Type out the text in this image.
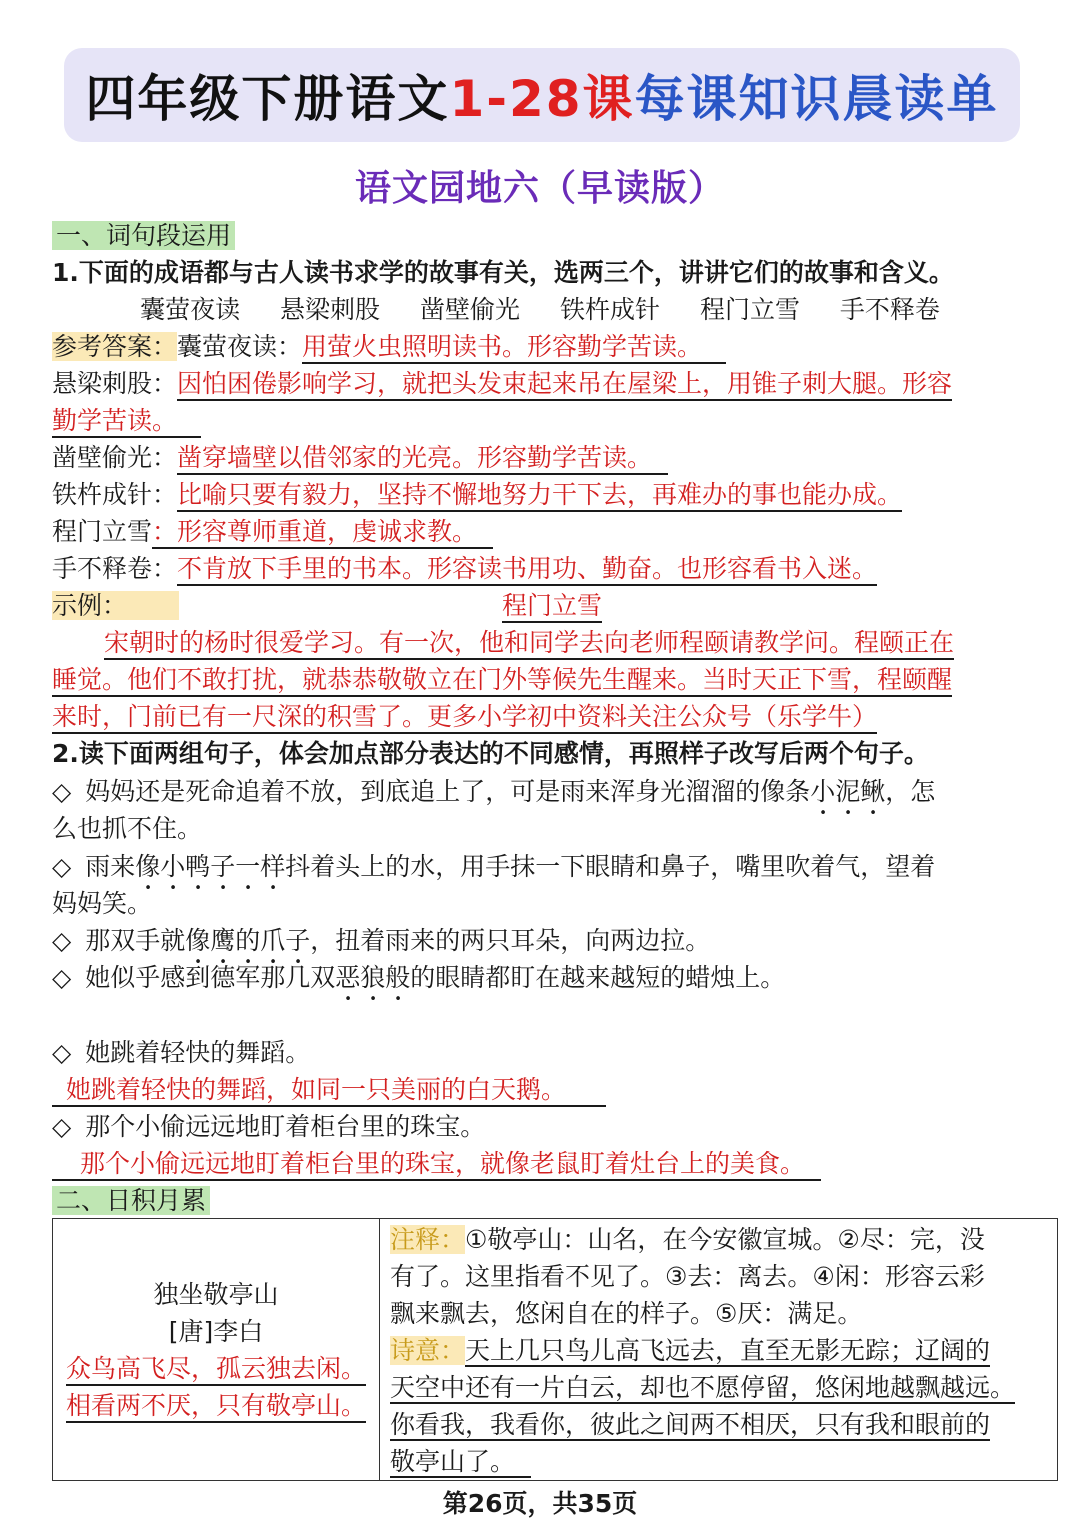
四年级下册语文 1-28课 每课知识晨读单
语文园地六（早读版）
一、词句段运用
1.下面的成语都与古人读书求学的故事有关，选两三个，讲讲它们的故事和含义。
囊萤夜读 悬梁刺股 凿壁偷光 铁杵成针 程门立雪 手不释卷
参考答案：囊萤夜读：用萤火虫照明读书。形容勤学苦读。
悬梁刺股：因怕困倦影响学习，就把头发束起来吊在屋梁上，用锥子刺大腿。形容
勤学苦读。
凿壁偷光：凿穿墙壁以借邻家的光亮。形容勤学苦读。
铁杵成针：比喻只要有毅力，坚持不懈地努力干下去，再难办的事也能办成。
程门立雪：形容尊师重道，虔诚求教。
手不释卷：不肯放下手里的书本。形容读书用功、勤奋。也形容看书入迷。
示例：	程门立雪
宋朝时的杨时很爱学习。有一次，他和同学去向老师程颐请教学问。程颐正在
睡觉。他们不敢打扰，就恭恭敬敬立在门外等候先生醒来。当时天正下雪，程颐醒
来时，门前已有一尺深的积雪了。更多小学初中资料关注公众号（乐学牛）
2.读下面两组句子，体会加点部分表达的不同感情，再照样子改写后两个句子。
◇ 妈妈还是死命追着不放，到底追上了，可是雨来浑身光溜溜的像条小泥鳅，怎
么也抓不住。
◇ 雨来像小鸭子一样抖着头上的水，用手抹一下眼睛和鼻子，嘴里吹着气，望着
妈妈笑。
◇ 那双手就像鹰的爪子，扭着雨来的两只耳朵，向两边拉。
◇ 她似乎感到德军那几双恶狼般的眼睛都盯在越来越短的蜡烛上。
◇ 她跳着轻快的舞蹈。
她跳着轻快的舞蹈，如同一只美丽的白天鹅。
◇ 那个小偷远远地盯着柜台里的珠宝。
那个小偷远远地盯着柜台里的珠宝，就像老鼠盯着灶台上的美食。
二、日积月累
独坐敬亭山
[唐]李白
众鸟高飞尽，孤云独去闲。
相看两不厌，只有敬亭山。

注释：①敬亭山：山名，在今安徽宣城。②尽：完，没
有了。这里指看不见了。③去：离去。④闲：形容云彩
飘来飘去，悠闲自在的样子。⑤厌：满足。
诗意：天上几只鸟儿高飞远去，直至无影无踪；辽阔的
天空中还有一片白云，却也不愿停留，悠闲地越飘越远。
你看我，我看你，彼此之间两不相厌，只有我和眼前的
敬亭山了。
第26页，共35页
